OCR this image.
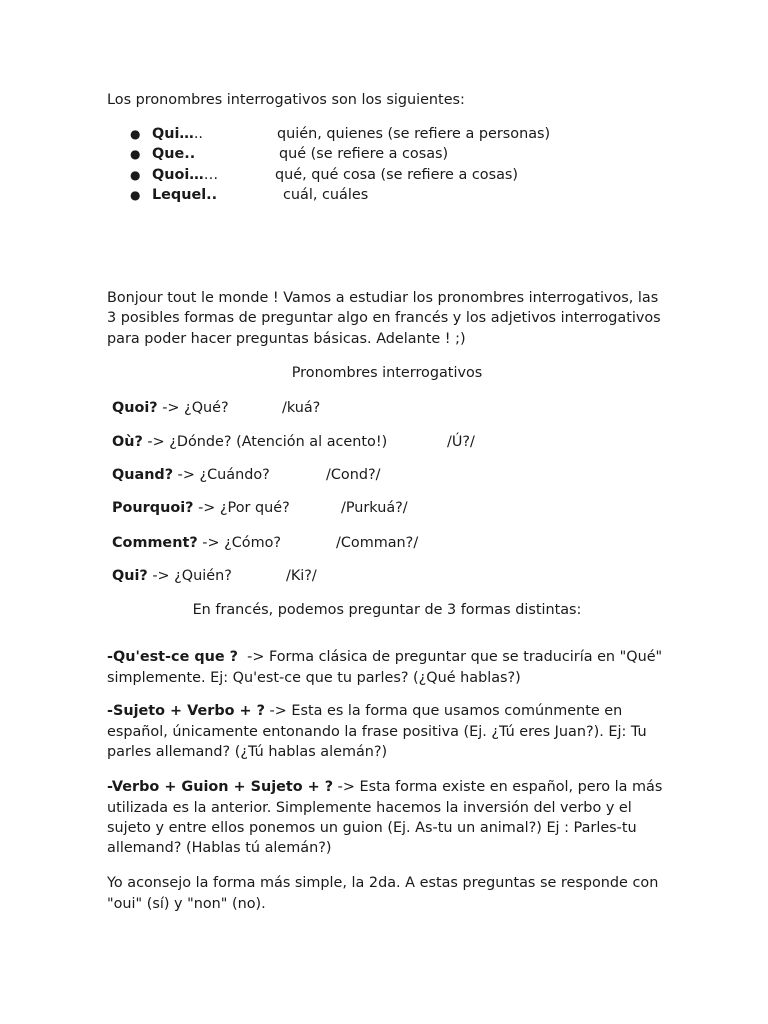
Los pronombres interrogativos son los siguientes:

● Qui…..	quién, quienes (se refiere a personas)
● Que..	qué (se refiere a cosas)
● Quoi……	qué, qué cosa (se refiere a cosas)
● Lequel..	cuál, cuáles

Bonjour tout le monde ! Vamos a estudiar los pronombres interrogativos, las 3 posibles formas de preguntar algo en francés y los adjetivos interrogativos para poder hacer preguntas básicas. Adelante ! ;)

Pronombres interrogativos
Quoi? -> ¿Qué?	/kuá?
Où? -> ¿Dónde? (Atención al acento!)	/Ú?/
Quand? -> ¿Cuándo?	/Cond?/
Pourquoi? -> ¿Por qué?	/Purkuá?/
Comment? -> ¿Cómo?	/Comman?/
Qui? -> ¿Quién?	/Ki?/
En francés, podemos preguntar de 3 formas distintas:

-Qu'est-ce que ?  -> Forma clásica de preguntar que se traduciría en "Qué" simplemente. Ej: Qu'est-ce que tu parles? (¿Qué hablas?)

-Sujeto + Verbo + ? -> Esta es la forma que usamos comúnmente en español, únicamente entonando la frase positiva (Ej. ¿Tú eres Juan?). Ej: Tu parles allemand? (¿Tú hablas alemán?)

-Verbo + Guion + Sujeto + ? -> Esta forma existe en español, pero la más utilizada es la anterior. Simplemente hacemos la inversión del verbo y el sujeto y entre ellos ponemos un guion (Ej. As-tu un animal?) Ej : Parles-tu allemand? (Hablas tú alemán?)

Yo aconsejo la forma más simple, la 2da. A estas preguntas se responde con "oui" (sí) y "non" (no).
